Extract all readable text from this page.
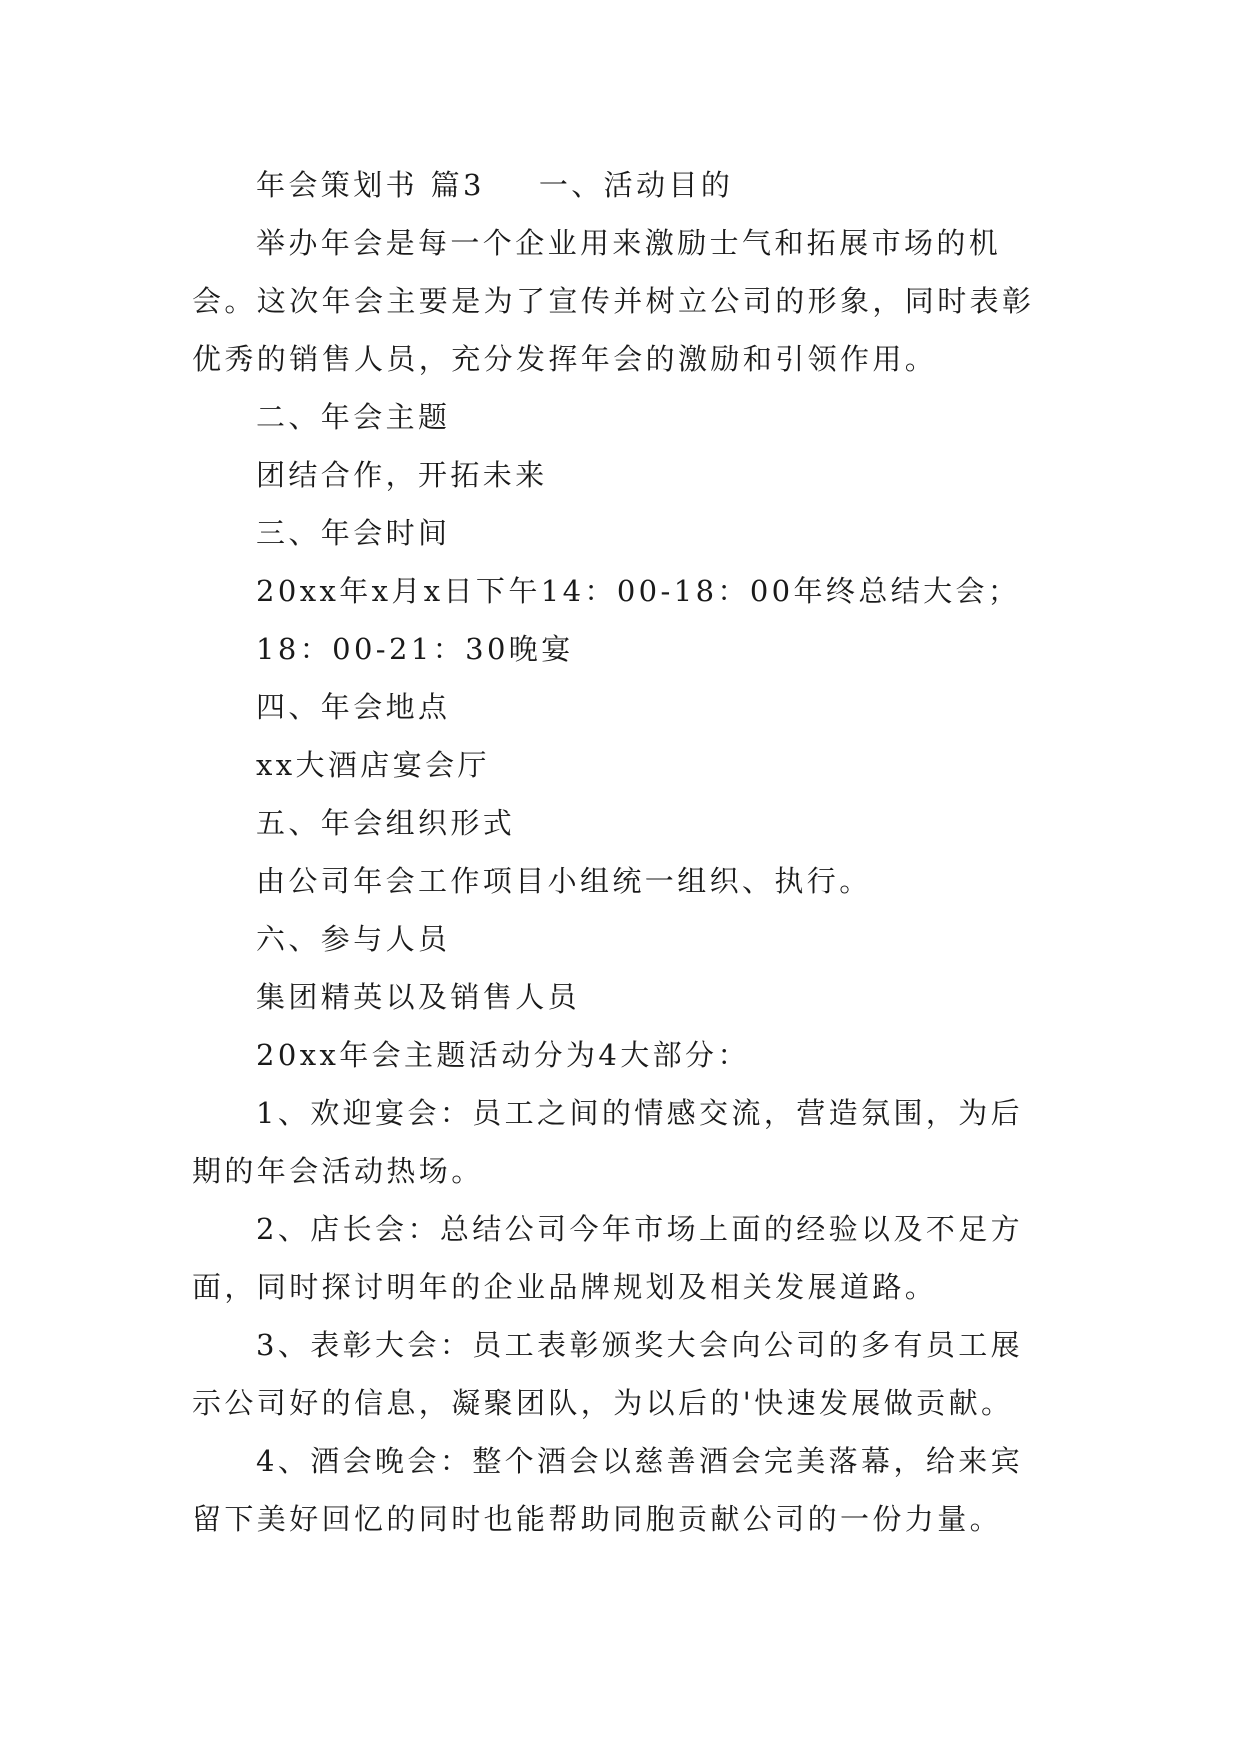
年会策划书 篇3 一、活动目的

举办年会是每一个企业用来激励士气和拓展市场的机

会。这次年会主要是为了宣传并树立公司的形象，同时表彰

优秀的销售人员，充分发挥年会的激励和引领作用。

二、年会主题

团结合作，开拓未来

三、年会时间

20xx年x月x日下午14：00-18：00年终总结大会；

18：00-21：30晚宴

四、年会地点

xx大酒店宴会厅

五、年会组织形式

由公司年会工作项目小组统一组织、执行。

六、参与人员

集团精英以及销售人员

20xx年会主题活动分为4大部分：

1、欢迎宴会：员工之间的情感交流，营造氛围，为后

期的年会活动热场。

2、店长会：总结公司今年市场上面的经验以及不足方

面，同时探讨明年的企业品牌规划及相关发展道路。

3、表彰大会：员工表彰颁奖大会向公司的多有员工展

示公司好的信息，凝聚团队，为以后的'快速发展做贡献。

4、酒会晚会：整个酒会以慈善酒会完美落幕，给来宾

留下美好回忆的同时也能帮助同胞贡献公司的一份力量。
